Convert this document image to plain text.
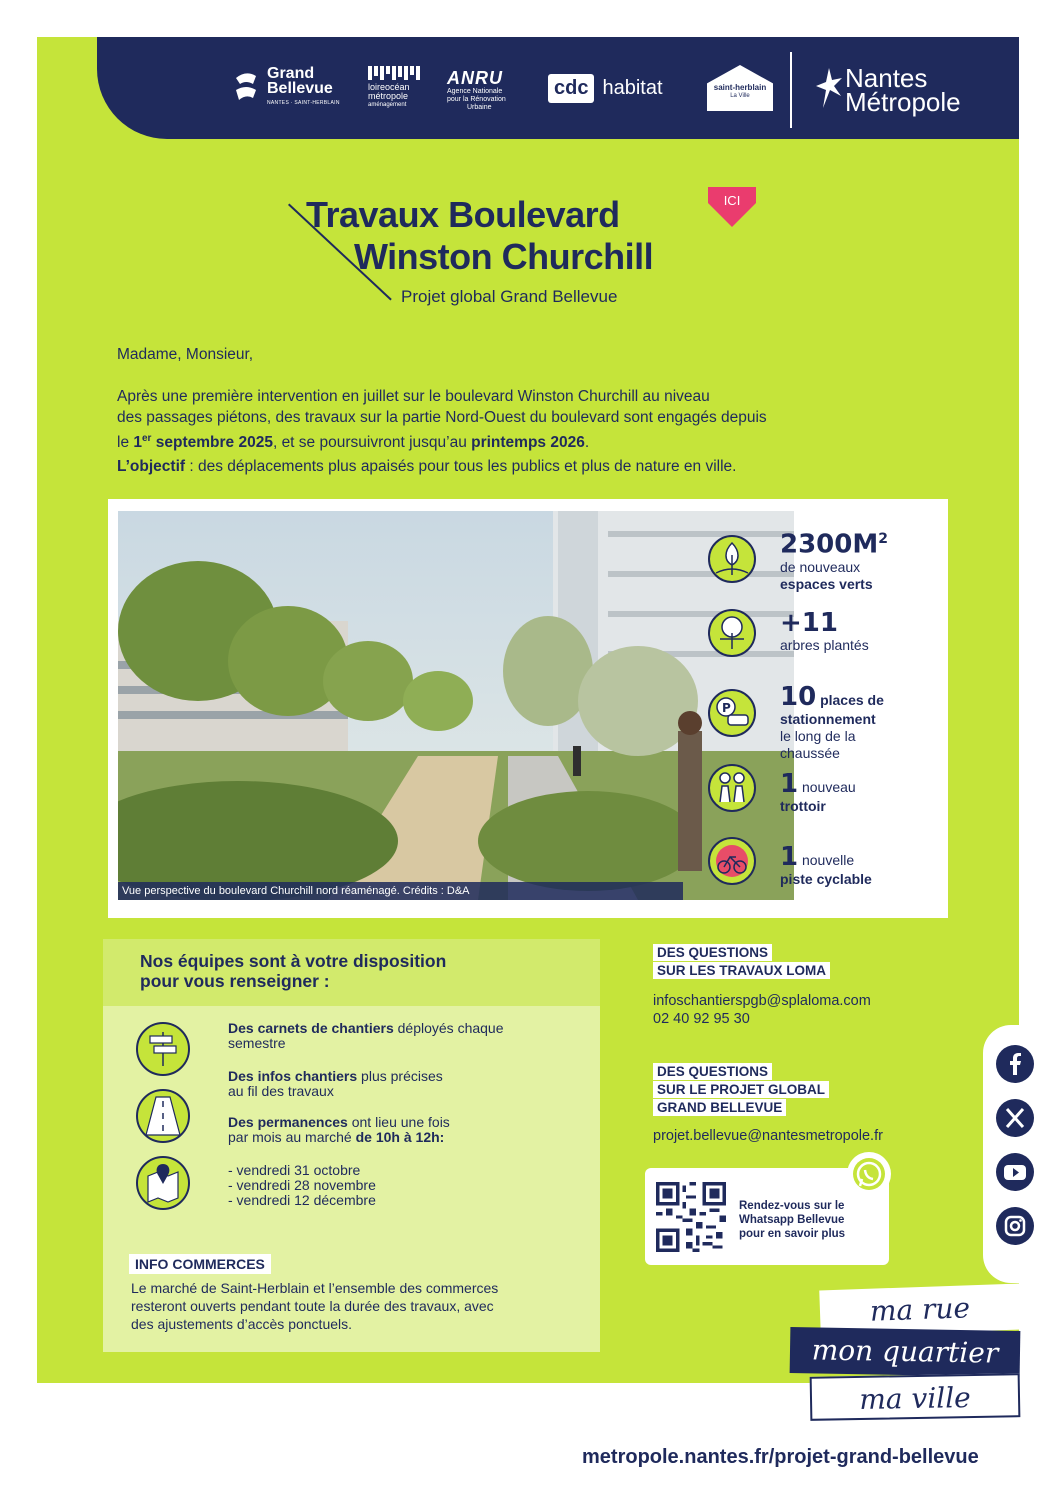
Grand
Bellevue
NANTES · SAINT-HERBLAIN
loireocéan
métropole
aménagement
ANRU
Agence Nationale
pour la Rénovation
Urbaine
cdc habitat	saint-herblain
La Ville
Nantes
Métropole
Travaux Boulevard
Winston Churchill
Projet global Grand Bellevue
ICI
Madame, Monsieur,
Après une première intervention en juillet sur le boulevard Winston Churchill au niveau
des passages piétons, des travaux sur la partie Nord-Ouest du boulevard sont engagés depuis
le 1er septembre 2025, et se poursuivront jusqu’au printemps 2026.
L’objectif : des déplacements plus apaisés pour tous les publics et plus de nature en ville.
Vue perspective du boulevard Churchill nord réaménagé. Crédits : D&A
$2300M^2$
de nouveaux
espaces verts
+11
arbres plantés
P 10 places de
stationnement
le long de la
chaussée
1 nouveau
trottoir
1 nouvelle
piste cyclable
Nos équipes sont à votre disposition
pour vous renseigner :
Des carnets de chantiers déployés chaque
semestre
Des infos chantiers plus précises
au fil des travaux
Des permanences ont lieu une fois
par mois au marché de 10h à 12h:
- vendredi 31 octobre
- vendredi 28 novembre
- vendredi 12 décembre
INFO COMMERCES
Le marché de Saint-Herblain et l’ensemble des commerces
resteront ouverts pendant toute la durée des travaux, avec
des ajustements d’accès ponctuels.
DES QUESTIONS
SUR LES TRAVAUX LOMA
infoschantierspgb@splaloma.com
02 40 92 95 30
DES QUESTIONS
SUR LE PROJET GLOBAL
GRAND BELLEVUE
projet.bellevue@nantesmetropole.fr
Rendez-vous sur le
Whatsapp Bellevue
pour en savoir plus
ma rue
mon quartier
ma ville
metropole.nantes.fr/projet-grand-bellevue
